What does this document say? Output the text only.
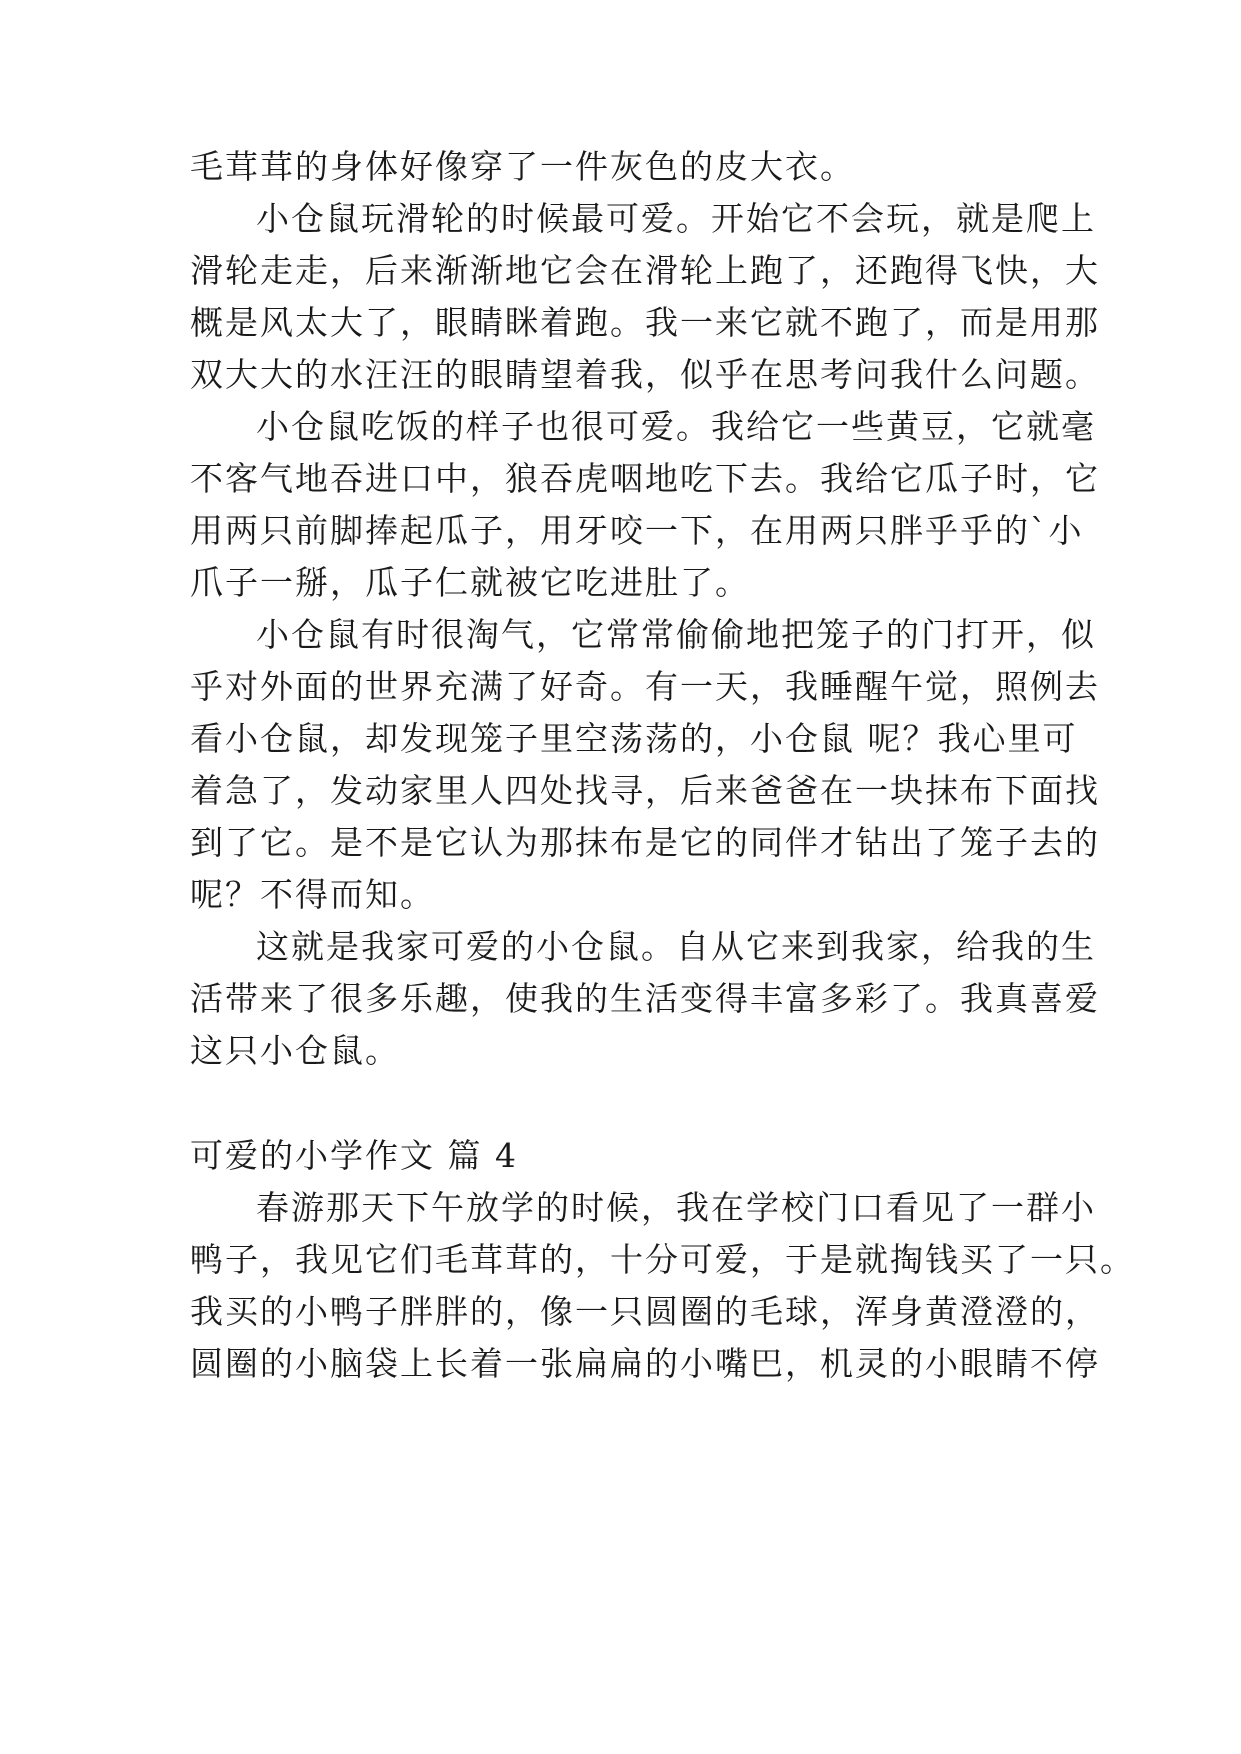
毛茸茸的身体好像穿了一件灰色的皮大衣。
小仓鼠玩滑轮的时候最可爱。开始它不会玩，就是爬上
滑轮走走，后来渐渐地它会在滑轮上跑了，还跑得飞快，大
概是风太大了，眼睛眯着跑。我一来它就不跑了，而是用那
双大大的水汪汪的眼睛望着我，似乎在思考问我什么问题。
小仓鼠吃饭的样子也很可爱。我给它一些黄豆，它就毫
不客气地吞进口中，狼吞虎咽地吃下去。我给它瓜子时，它
用两只前脚捧起瓜子，用牙咬一下，在用两只胖乎乎的`小
爪子一掰，瓜子仁就被它吃进肚了。
小仓鼠有时很淘气，它常常偷偷地把笼子的门打开，似
乎对外面的世界充满了好奇。有一天，我睡醒午觉，照例去
看小仓鼠，却发现笼子里空荡荡的，小仓鼠 呢？我心里可
着急了，发动家里人四处找寻，后来爸爸在一块抹布下面找
到了它。是不是它认为那抹布是它的同伴才钻出了笼子去的
呢？不得而知。
这就是我家可爱的小仓鼠。自从它来到我家，给我的生
活带来了很多乐趣，使我的生活变得丰富多彩了。我真喜爱
这只小仓鼠。
可爱的小学作文 篇 4
春游那天下午放学的时候，我在学校门口看见了一群小
鸭子，我见它们毛茸茸的，十分可爱，于是就掏钱买了一只。
我买的小鸭子胖胖的，像一只圆圈的毛球，浑身黄澄澄的，
圆圈的小脑袋上长着一张扁扁的小嘴巴，机灵的小眼睛不停
